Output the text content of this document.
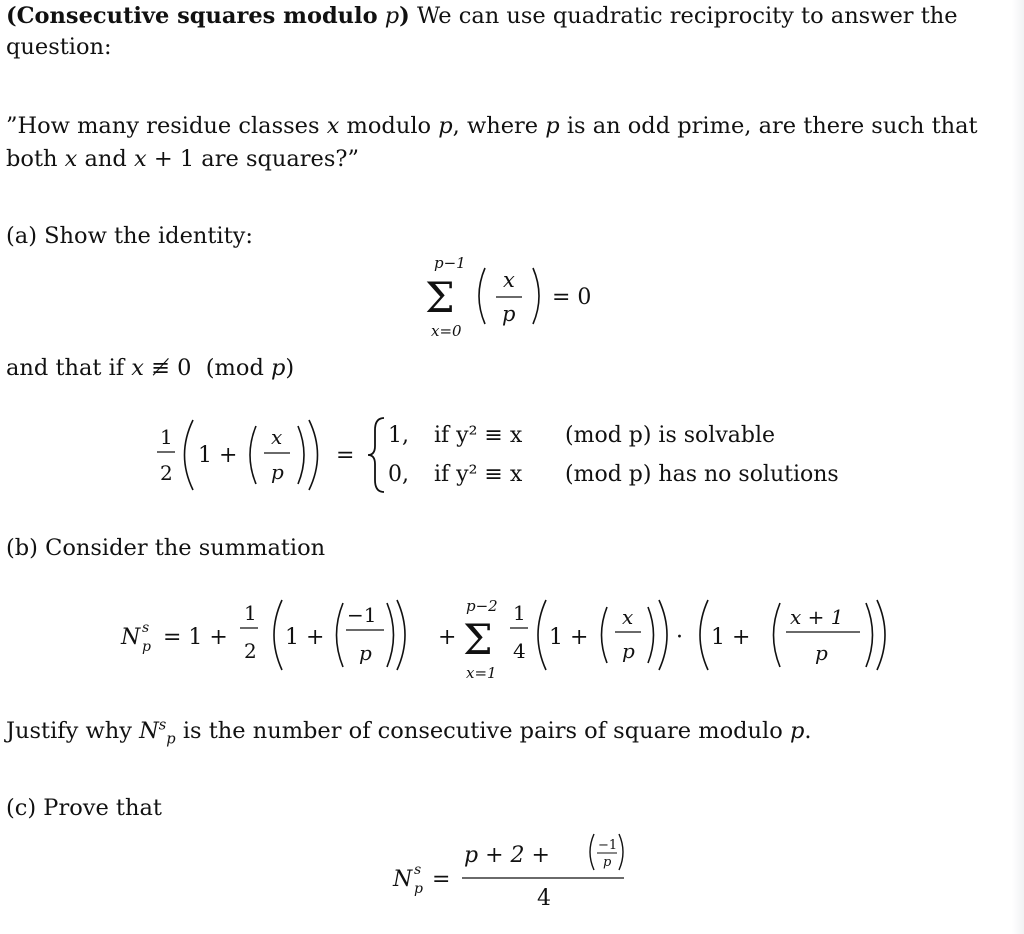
(Consecutive squares modulo p) We can use quadratic reciprocity to answer the
question:
”How many residue classes x modulo p, where p is an odd prime, are there such that
both x and x + 1 are squares?”
(a) Show the identity:
and that if x ≢ 0 (mod p)
(b) Consider the summation
Justify why $N^s_p$ is the number of consecutive pairs of square modulo p.
(c) Prove that
p−1
Σ
x=0
x
p
= 0
1
2
1 +
x
p
=
1, if y² ≡ x (mod p) is solvable
0, if y² ≡ x (mod p) has no solutions
N s
p = 1 +
1
2
1 +
−1
p
+
p−2
Σ
x=1
1
4
1 +
x
p
· 1 +
x + 1
p
N s
p =
p + 2 +	−1
p
4
